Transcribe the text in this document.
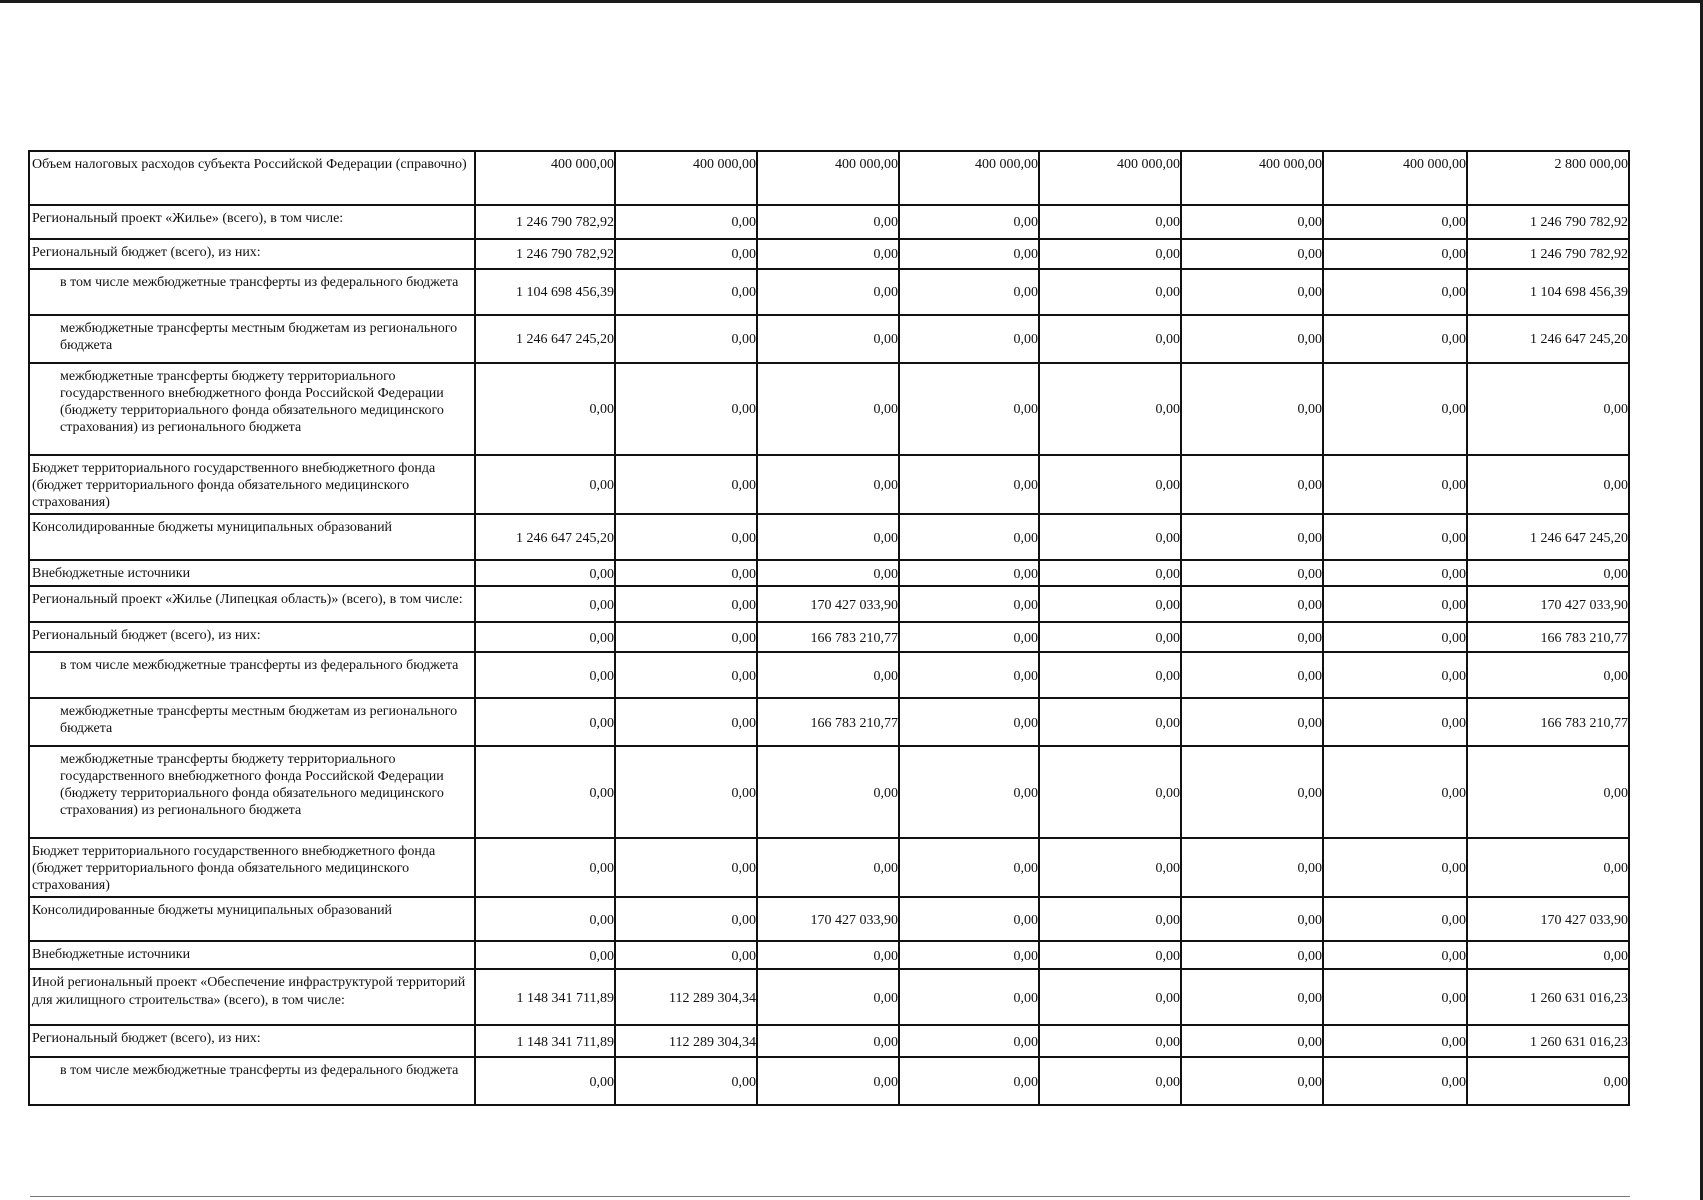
Объем налоговых расходов субъекта Российской Федерации (справочно)	400 000,00	400 000,00	400 000,00	400 000,00	400 000,00	400 000,00	400 000,00	2 800 000,00
Региональный проект «Жилье» (всего), в том числе:	1 246 790 782,92	0,00	0,00	0,00	0,00	0,00	0,00	1 246 790 782,92
Региональный бюджет (всего), из них:	1 246 790 782,92	0,00	0,00	0,00	0,00	0,00	0,00	1 246 790 782,92
в том числе межбюджетные трансферты из федерального бюджета	1 104 698 456,39	0,00	0,00	0,00	0,00	0,00	0,00	1 104 698 456,39
межбюджетные трансферты местным бюджетам из регионального бюджета	1 246 647 245,20	0,00	0,00	0,00	0,00	0,00	0,00	1 246 647 245,20
межбюджетные трансферты бюджету территориального государственного внебюджетного фонда Российской Федерации (бюджету территориального фонда обязательного медицинского страхования) из регионального бюджета	0,00	0,00	0,00	0,00	0,00	0,00	0,00	0,00
Бюджет территориального государственного внебюджетного фонда (бюджет территориального фонда обязательного медицинского страхования)	0,00	0,00	0,00	0,00	0,00	0,00	0,00	0,00
Консолидированные бюджеты муниципальных образований	1 246 647 245,20	0,00	0,00	0,00	0,00	0,00	0,00	1 246 647 245,20
Внебюджетные источники	0,00	0,00	0,00	0,00	0,00	0,00	0,00	0,00
Региональный проект «Жилье (Липецкая область)» (всего), в том числе:	0,00	0,00	170 427 033,90	0,00	0,00	0,00	0,00	170 427 033,90
Региональный бюджет (всего), из них:	0,00	0,00	166 783 210,77	0,00	0,00	0,00	0,00	166 783 210,77
в том числе межбюджетные трансферты из федерального бюджета	0,00	0,00	0,00	0,00	0,00	0,00	0,00	0,00
межбюджетные трансферты местным бюджетам из регионального бюджета	0,00	0,00	166 783 210,77	0,00	0,00	0,00	0,00	166 783 210,77
межбюджетные трансферты бюджету территориального государственного внебюджетного фонда Российской Федерации (бюджету территориального фонда обязательного медицинского страхования) из регионального бюджета	0,00	0,00	0,00	0,00	0,00	0,00	0,00	0,00
Бюджет территориального государственного внебюджетного фонда (бюджет территориального фонда обязательного медицинского страхования)	0,00	0,00	0,00	0,00	0,00	0,00	0,00	0,00
Консолидированные бюджеты муниципальных образований	0,00	0,00	170 427 033,90	0,00	0,00	0,00	0,00	170 427 033,90
Внебюджетные источники	0,00	0,00	0,00	0,00	0,00	0,00	0,00	0,00
Иной региональный проект «Обеспечение инфраструктурой территорий для жилищного строительства» (всего), в том числе:	1 148 341 711,89	112 289 304,34	0,00	0,00	0,00	0,00	0,00	1 260 631 016,23
Региональный бюджет (всего), из них:	1 148 341 711,89	112 289 304,34	0,00	0,00	0,00	0,00	0,00	1 260 631 016,23
в том числе межбюджетные трансферты из федерального бюджета	0,00	0,00	0,00	0,00	0,00	0,00	0,00	0,00
